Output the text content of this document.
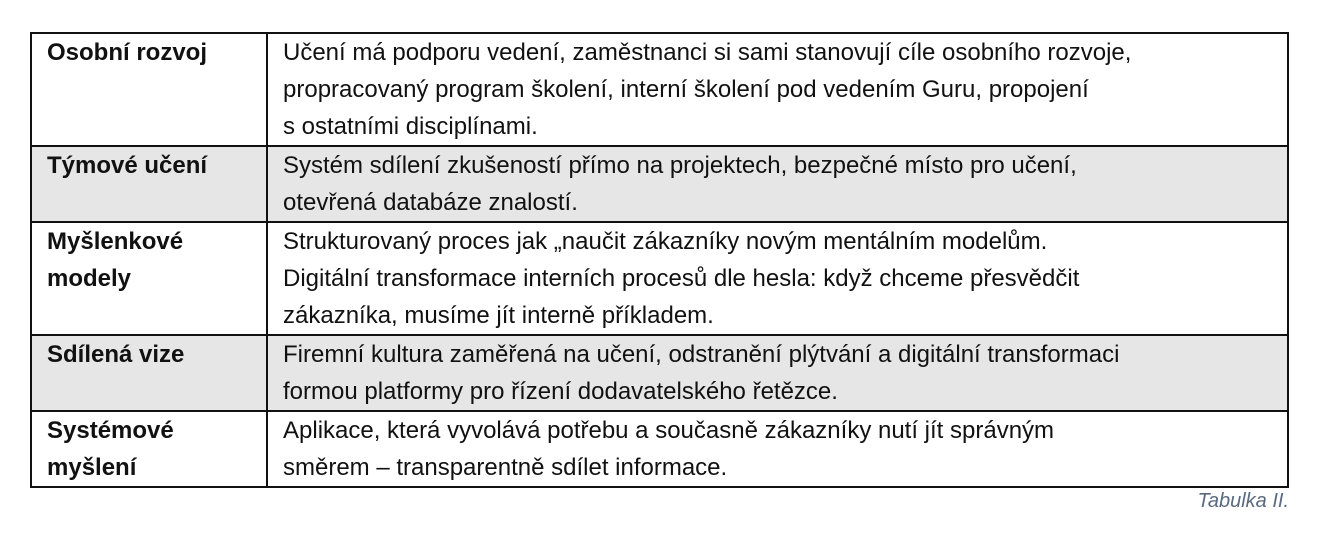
Osobní rozvoj	Učení má podporu vedení, zaměstnanci si sami stanovují cíle osobního rozvoje,
propracovaný program školení, interní školení pod vedením Guru, propojení
s ostatními disciplínami.

Týmové učení	Systém sdílení zkušeností přímo na projektech, bezpečné místo pro učení,
otevřená databáze znalostí.

Myšlenkové
modely	Strukturovaný proces jak „naučit zákazníky novým mentálním modelům.
Digitální transformace interních procesů dle hesla: když chceme přesvědčit
zákazníka, musíme jít interně příkladem.

Sdílená vize	Firemní kultura zaměřená na učení, odstranění plýtvání a digitální transformaci
formou platformy pro řízení dodavatelského řetězce.

Systémové
myšlení	Aplikace, která vyvolává potřebu a současně zákazníky nutí jít správným
směrem – transparentně sdílet informace.
Tabulka II.
